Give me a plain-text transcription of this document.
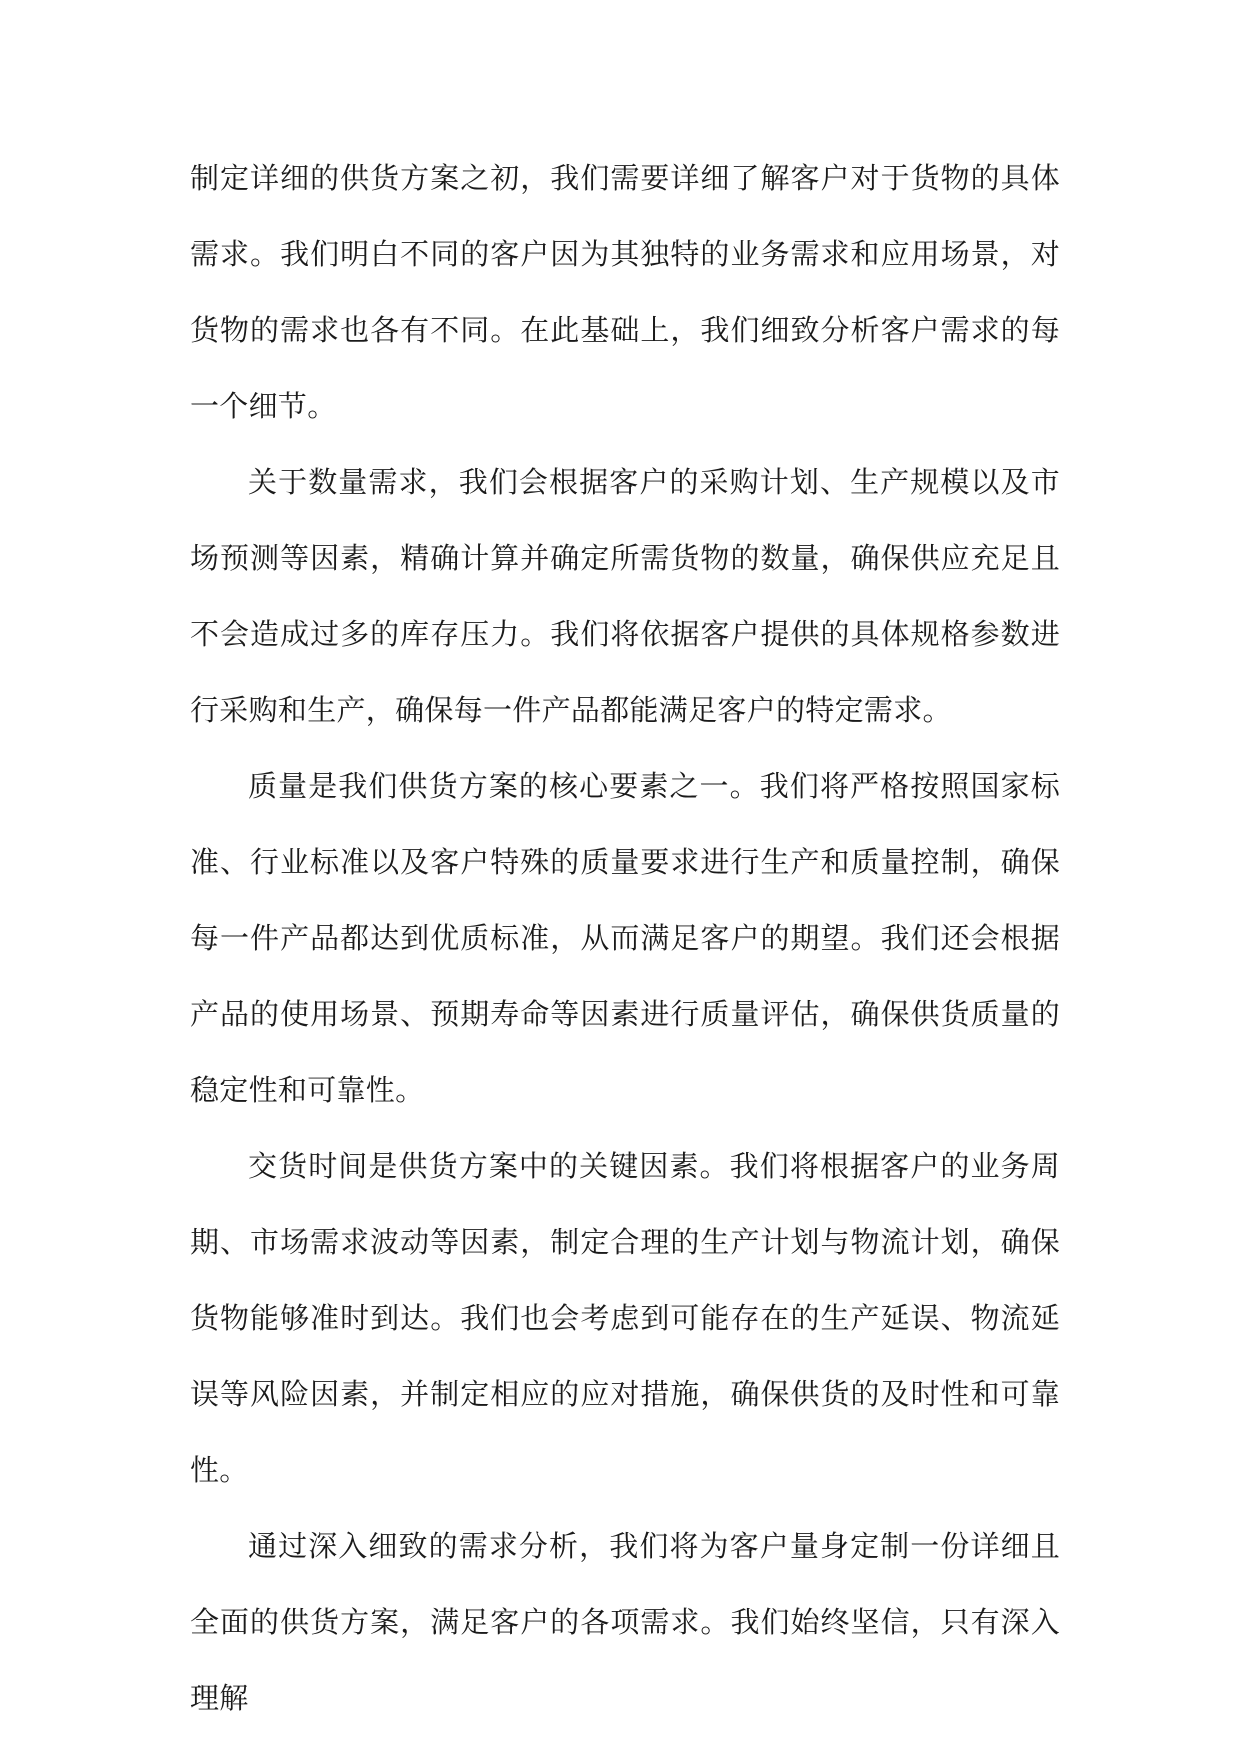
制定详细的供货方案之初，我们需要详细了解客户对于货物的具体需求。我们明白不同的客户因为其独特的业务需求和应用场景，对货物的需求也各有不同。在此基础上，我们细致分析客户需求的每一个细节。

关于数量需求，我们会根据客户的采购计划、生产规模以及市场预测等因素，精确计算并确定所需货物的数量，确保供应充足且不会造成过多的库存压力。我们将依据客户提供的具体规格参数进行采购和生产，确保每一件产品都能满足客户的特定需求。

质量是我们供货方案的核心要素之一。我们将严格按照国家标准、行业标准以及客户特殊的质量要求进行生产和质量控制，确保每一件产品都达到优质标准，从而满足客户的期望。我们还会根据产品的使用场景、预期寿命等因素进行质量评估，确保供货质量的稳定性和可靠性。

交货时间是供货方案中的关键因素。我们将根据客户的业务周期、市场需求波动等因素，制定合理的生产计划与物流计划，确保货物能够准时到达。我们也会考虑到可能存在的生产延误、物流延误等风险因素，并制定相应的应对措施，确保供货的及时性和可靠性。

通过深入细致的需求分析，我们将为客户量身定制一份详细且全面的供货方案，满足客户的各项需求。我们始终坚信，只有深入理解
